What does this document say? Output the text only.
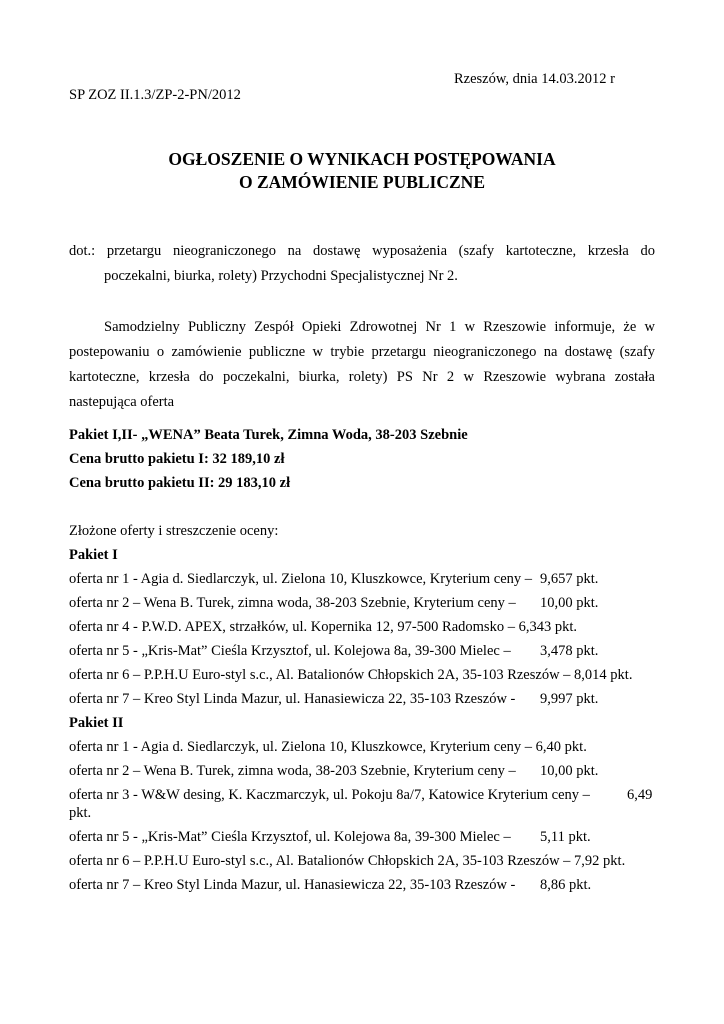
Rzeszów, dnia 14.03.2012 r
SP ZOZ II.1.3/ZP-2-PN/2012
OGŁOSZENIE O WYNIKACH POSTĘPOWANIA
O ZAMÓWIENIE PUBLICZNE
dot.: przetargu nieograniczonego na dostawę wyposażenia (szafy kartoteczne, krzesła do
poczekalni, biurka, rolety) Przychodni Specjalistycznej Nr 2.
Samodzielny Publiczny Zespół Opieki Zdrowotnej Nr 1 w Rzeszowie informuje, że w
postepowaniu o zamówienie publiczne w trybie przetargu nieograniczonego na dostawę (szafy
kartoteczne, krzesła do poczekalni, biurka, rolety) PS Nr 2 w Rzeszowie wybrana została
nastepująca oferta
Pakiet I,II- „WENA” Beata Turek, Zimna Woda, 38-203 Szebnie
Cena brutto pakietu I: 32 189,10 zł
Cena brutto pakietu II: 29 183,10 zł
Złożone oferty i streszczenie oceny:
Pakiet I
oferta nr 1 - Agia d. Siedlarczyk, ul. Zielona 10, Kluszkowce, Kryterium ceny – 9,657 pkt.
oferta nr 2 – Wena B. Turek, zimna woda, 38-203 Szebnie, Kryterium ceny – 10,00 pkt.
oferta nr 4 - P.W.D. APEX, strzałków, ul. Kopernika 12, 97-500 Radomsko – 6,343 pkt.
oferta nr 5 - „Kris-Mat” Cieśla Krzysztof, ul. Kolejowa 8a, 39-300 Mielec – 3,478 pkt.
oferta nr 6 – P.P.H.U Euro-styl s.c., Al. Batalionów Chłopskich 2A, 35-103 Rzeszów – 8,014 pkt.
oferta nr 7 – Kreo Styl Linda Mazur, ul. Hanasiewicza 22, 35-103 Rzeszów - 9,997 pkt.
Pakiet II
oferta nr 1 - Agia d. Siedlarczyk, ul. Zielona 10, Kluszkowce, Kryterium ceny – 6,40 pkt.
oferta nr 2 – Wena B. Turek, zimna woda, 38-203 Szebnie, Kryterium ceny – 10,00 pkt.
oferta nr 3 - W&W desing, K. Kaczmarczyk, ul. Pokoju 8a/7, Katowice Kryterium ceny –	6,49
pkt.
oferta nr 5 - „Kris-Mat” Cieśla Krzysztof, ul. Kolejowa 8a, 39-300 Mielec – 5,11 pkt.
oferta nr 6 – P.P.H.U Euro-styl s.c., Al. Batalionów Chłopskich 2A, 35-103 Rzeszów – 7,92 pkt.
oferta nr 7 – Kreo Styl Linda Mazur, ul. Hanasiewicza 22, 35-103 Rzeszów - 8,86 pkt.
